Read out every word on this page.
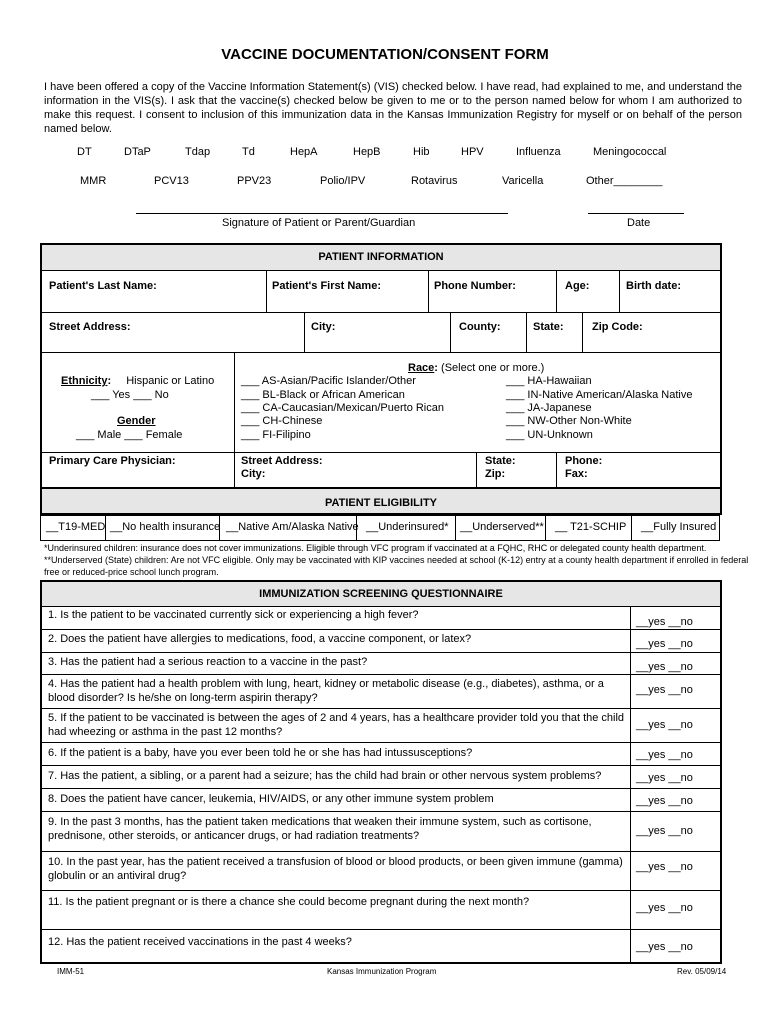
VACCINE DOCUMENTATION/CONSENT FORM
I have been offered a copy of the Vaccine Information Statement(s) (VIS) checked below. I have read, had explained to me, and understand the information in the VIS(s). I ask that the vaccine(s) checked below be given to me or to the person named below for whom I am authorized to make this request. I consent to inclusion of this immunization data in the Kansas Immunization Registry for myself or on behalf of the person named below.
DT	DTaP	Tdap	Td	HepA	HepB	Hib	HPV	Influenza	Meningococcal
MMR	PCV13	PPV23	Polio/IPV	Rotavirus	Varicella	Other________
Signature of Patient or Parent/Guardian	Date
PATIENT INFORMATION
Patient's Last Name:	Patient's First Name:	Phone Number:	Age:	Birth date:
Street Address:	City:	County:	State:	Zip Code:
Ethnicity: Hispanic or Latino
___ Yes ___ No
Gender
___ Male ___ Female
Race: (Select one or more.)
___ AS-Asian/Pacific Islander/Other
___ BL-Black or African American
___ CA-Caucasian/Mexican/Puerto Rican
___ CH-Chinese
___ FI-Filipino
___ HA-Hawaiian
___ IN-Native American/Alaska Native
___ JA-Japanese
___ NW-Other Non-White
___ UN-Unknown
Primary Care Physician:	Street Address:
City:
State:
Zip:
Phone:
Fax:
PATIENT ELIGIBILITY
__T19-MED __No health insurance __Native Am/Alaska Native __Underinsured* __Underserved** __ T21-SCHIP __Fully Insured
*Underinsured children: insurance does not cover immunizations. Eligible through VFC program if vaccinated at a FQHC, RHC or delegated county health department.
**Underserved (State) children: Are not VFC eligible. Only may be vaccinated with KIP vaccines needed at school (K-12) entry at a county health department if enrolled in federal free or reduced-price school lunch program.
IMMUNIZATION SCREENING QUESTIONNAIRE
1. Is the patient to be vaccinated currently sick or experiencing a high fever?
__yes __no
2. Does the patient have allergies to medications, food, a vaccine component, or latex?	__yes __no
3. Has the patient had a serious reaction to a vaccine in the past?	__yes __no
4. Has the patient had a health problem with lung, heart, kidney or metabolic disease (e.g., diabetes), asthma, or a blood disorder? Is he/she on long-term aspirin therapy?
__yes __no
5. If the patient to be vaccinated is between the ages of 2 and 4 years, has a healthcare provider told you that the child had wheezing or asthma in the past 12 months?
__yes __no
6. If the patient is a baby, have you ever been told he or she has had intussusceptions?	__yes __no
7. Has the patient, a sibling, or a parent had a seizure; has the child had brain or other nervous system problems?	__yes __no
8. Does the patient have cancer, leukemia, HIV/AIDS, or any other immune system problem	__yes __no
9. In the past 3 months, has the patient taken medications that weaken their immune system, such as cortisone, prednisone, other steroids, or anticancer drugs, or had radiation treatments?	__yes __no
10. In the past year, has the patient received a transfusion of blood or blood products, or been given immune (gamma) globulin or an antiviral drug?
__yes __no
11. Is the patient pregnant or is there a chance she could become pregnant during the next month?	__yes __no
12. Has the patient received vaccinations in the past 4 weeks?	__yes __no
IMM-51	Kansas Immunization Program	Rev. 05/09/14
